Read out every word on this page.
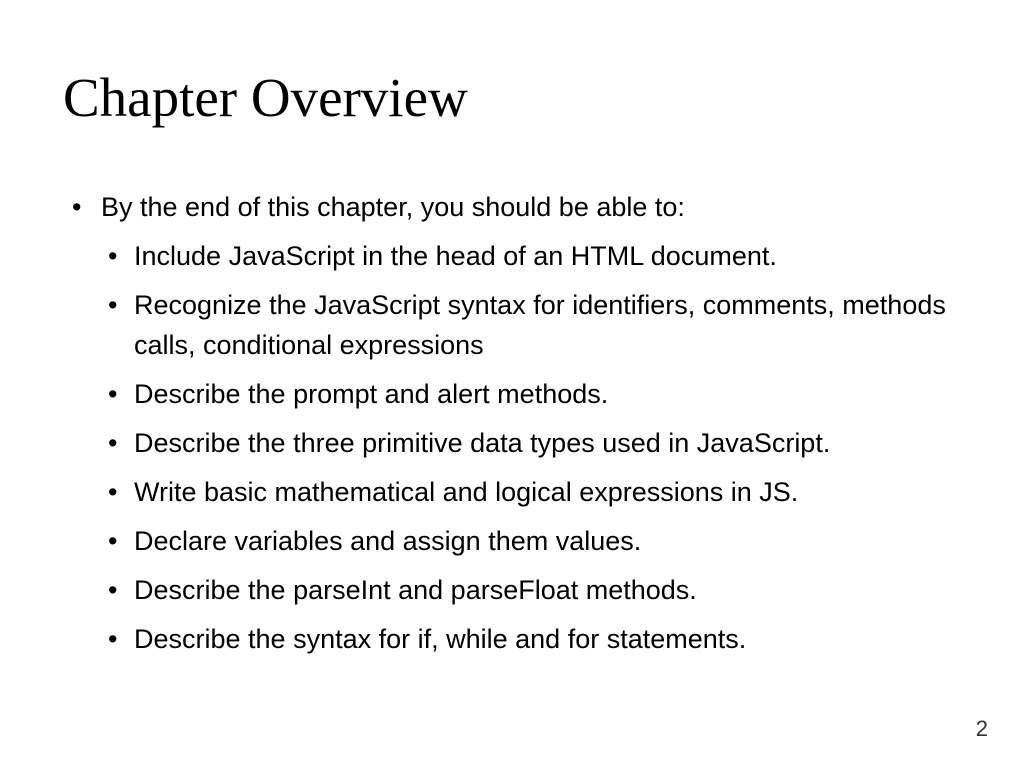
Chapter Overview

• By the end of this chapter, you should be able to:

• Include JavaScript in the head of an HTML document.
• Recognize the JavaScript syntax for identifiers, comments, methods calls, conditional expressions
• Describe the prompt and alert methods.
• Describe the three primitive data types used in JavaScript.
• Write basic mathematical and logical expressions in JS.
• Declare variables and assign them values.
• Describe the parseInt and parseFloat methods.
• Describe the syntax for if, while and for statements.
2
